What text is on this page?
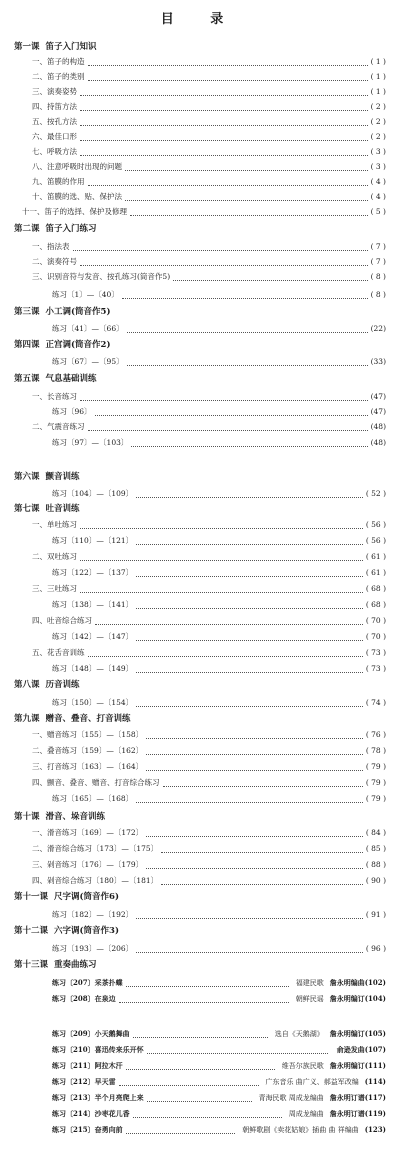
目 录
第一课 笛子入门知识
一、笛子的构造	( 1 )
二、笛子的类别	( 1 )
三、演奏姿势	( 1 )
四、持笛方法	( 2 )
五、按孔方法	( 2 )
六、最佳口形	( 2 )
七、呼吸方法	( 3 )
八、注意呼吸时出现的问题	( 3 )
九、笛膜的作用	( 4 )
十、笛膜的选、贴、保护法	( 4 )
十一、笛子的选择、保护及修理	( 5 )
第二课 笛子入门练习
一、指法表	( 7 )
二、演奏符号	( 7 )
三、识别音符与发音、按孔练习(筒音作5)	( 8 )
练习〔1〕—〔40〕	( 8 )
第三课 小工调(筒音作5)
练习〔41〕—〔66〕	(22)
第四课 正宫调(筒音作2)
练习〔67〕—〔95〕	(33)
第五课 气息基础训练
一、长音练习	(47)
练习〔96〕	(47)
二、气震音练习	(48)
练习〔97〕—〔103〕	(48)
第六课 颤音训练
练习〔104〕—〔109〕	( 52 )
第七课 吐音训练
一、单吐练习	( 56 )
练习〔110〕—〔121〕	( 56 )
二、双吐练习	( 61 )
练习〔122〕—〔137〕	( 61 )
三、三吐练习	( 68 )
练习〔138〕—〔141〕	( 68 )
四、吐音综合练习	( 70 )
练习〔142〕—〔147〕	( 70 )
五、花舌音训练	( 73 )
练习〔148〕—〔149〕	( 73 )
第八课 历音训练
练习〔150〕—〔154〕	( 74 )
第九课 赠音、叠音、打音训练
一、赠音练习〔155〕—〔158〕	( 76 )
二、叠音练习〔159〕—〔162〕	( 78 )
三、打音练习〔163〕—〔164〕	( 79 )
四、颤音、叠音、赠音、打音综合练习	( 79 )
练习〔165〕—〔168〕	( 79 )
第十课 滑音、垛音训练
一、滑音练习〔169〕—〔172〕	( 84 )
二、滑音综合练习〔173〕—〔175〕	( 85 )
三、剁音练习〔176〕—〔179〕	( 88 )
四、剁音综合练习〔180〕—〔181〕	( 90 )
第十一课 尺字调(筒音作6)
练习〔182〕—〔192〕	( 91 )
第十二课 六字调(筒音作3)
练习〔193〕—〔206〕	( 96 )
第十三课 重奏曲练习
练习〔207〕采茶扑蝶	福建民歌 詹永明编曲(102)
练习〔208〕在泉边	朝鲜民谣 詹永明编订(104)
练习〔209〕小天鹅舞曲	选自《天鹅湖》 詹永明编订(105)
练习〔210〕喜迅传来乐开怀	俞逊发曲(107)
练习〔211〕阿拉木汗	维吾尔族民歌 詹永明编订(111)
练习〔212〕早天雷	广东音乐 曲广义、郝益军改编 (114)
练习〔213〕半个月亮爬上来	青海民歌 周成龙编曲 詹永明订谱(117)
练习〔214〕沙枣花儿香	周成龙编曲 詹永明订谱(119)
练习〔215〕奋勇向前	朝鲜歌剧《卖花姑娘》插曲 曲 祥编曲 (123)
